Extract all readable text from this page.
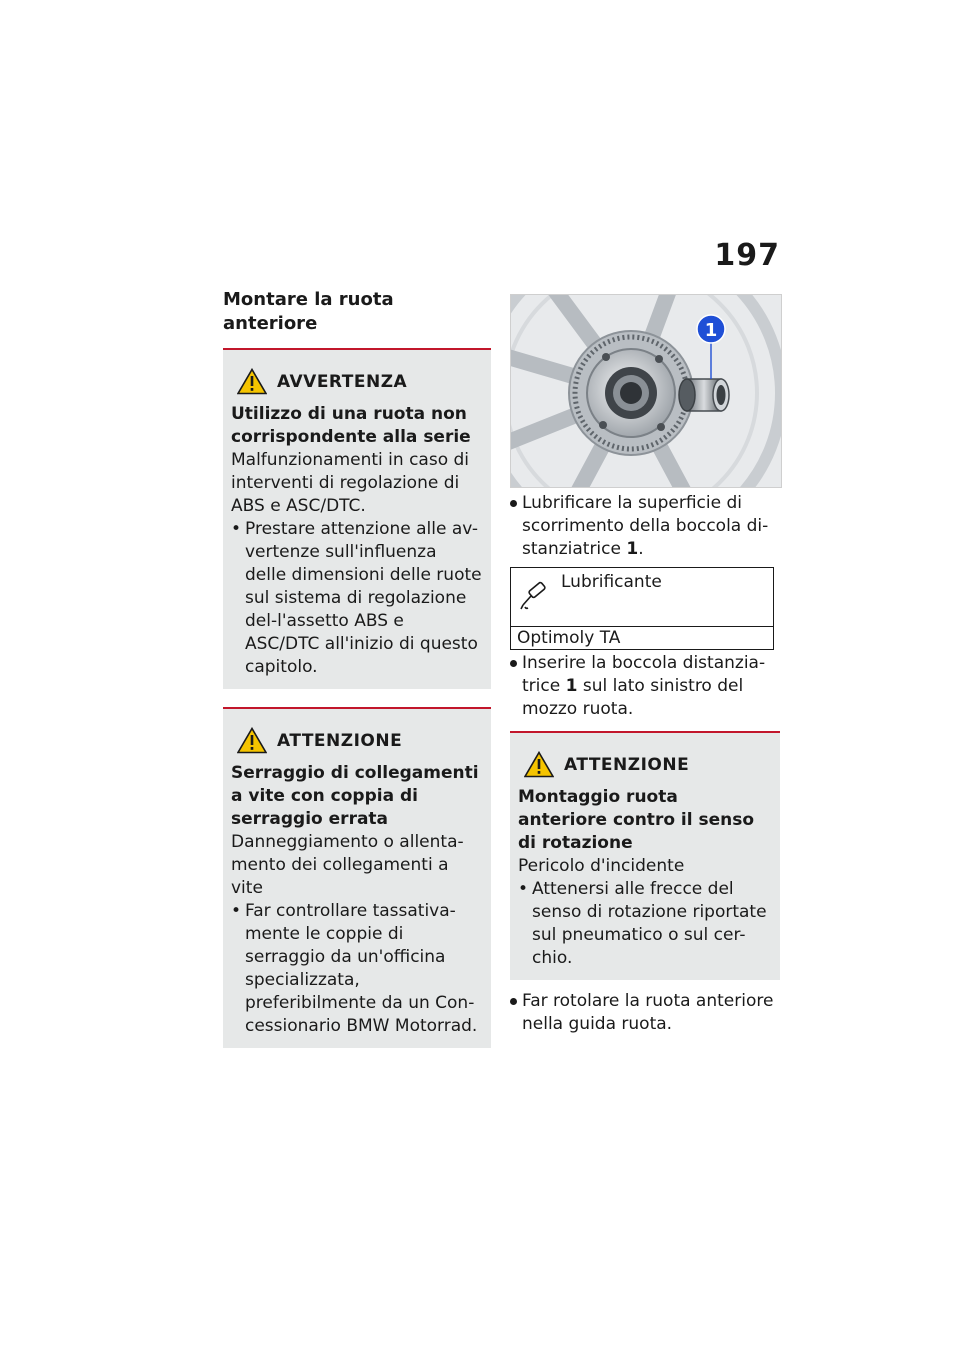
197
Montare la ruota anteriore
AVVERTENZA
Utilizzo di una ruota non corrispondente alla serie
Malfunzionamenti in caso di interventi di regolazione di ABS e ASC/DTC.
• Prestare attenzione alle av-vertenze sull'influenza delle dimensioni delle ruote sul sistema di regolazione del-l'assetto ABS e ASC/DTC all'inizio di questo capitolo.
ATTENZIONE
Serraggio di collegamenti a vite con coppia di serraggio errata
Danneggiamento o allenta-mento dei collegamenti a vite
• Far controllare tassativa-mente le coppie di serraggio da un'officina specializzata, preferibilmente da un Con-cessionario BMW Motorrad.
1
Lubrificare la superficie di scorrimento della boccola di-stanziatrice 1.
Lubrificante
Optimoly TA
Inserire la boccola distanzia-trice 1 sul lato sinistro del mozzo ruota.
ATTENZIONE
Montaggio ruota anteriore contro il senso di rotazione
Pericolo d'incidente
• Attenersi alle frecce del senso di rotazione riportate sul pneumatico o sul cer-chio.
Far rotolare la ruota anteriore nella guida ruota.
